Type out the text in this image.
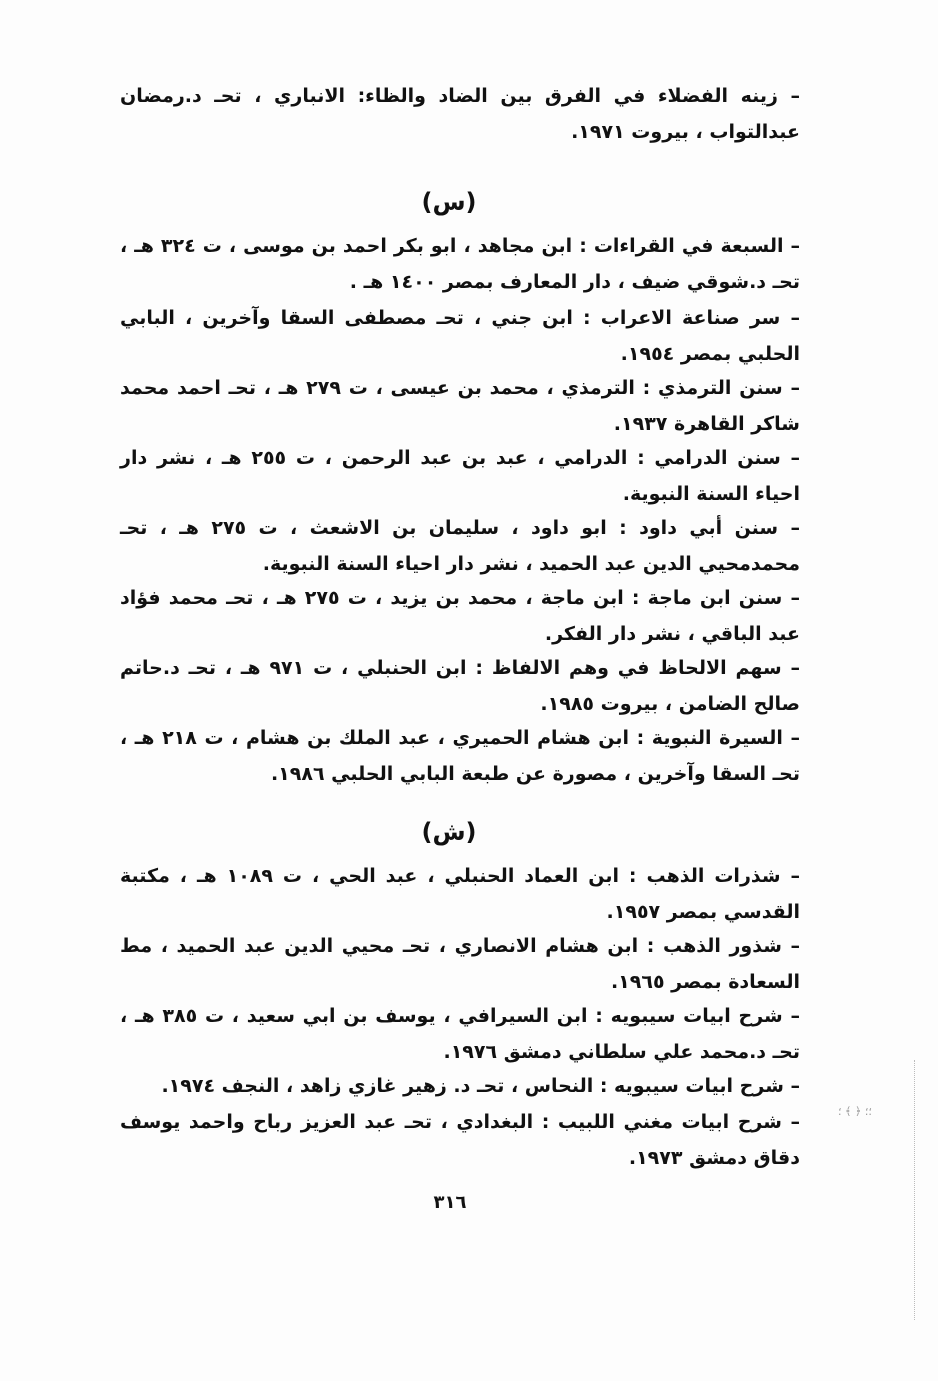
– زينه الفضلاء في الفرق بين الضاد والظاء: الانباري ، تحـ د.رمضان عبدالتواب ، بيروت ١٩٧١.
(س)
– السبعة في القراءات : ابن مجاهد ، ابو بكر احمد بن موسى ، ت ٣٢٤ هـ ، تحـ د.شوقي ضيف ، دار المعارف بمصر ١٤٠٠ هـ .
– سر صناعة الاعراب : ابن جني ، تحـ مصطفى السقا وآخرين ، البابي الحلبي بمصر ١٩٥٤.
– سنن الترمذي : الترمذي ، محمد بن عيسى ، ت ٢٧٩ هـ ، تحـ احمد محمد شاكر القاهرة ١٩٣٧.
– سنن الدرامي : الدرامي ، عبد بن عبد الرحمن ، ت ٢٥٥ هـ ، نشر دار احياء السنة النبوية.
– سنن أبي داود : ابو داود ، سليمان بن الاشعث ، ت ٢٧٥ هـ ، تحـ محمدمحيي الدين عبد الحميد ، نشر دار احياء السنة النبوية.
– سنن ابن ماجة : ابن ماجة ، محمد بن يزيد ، ت ٢٧٥ هـ ، تحـ محمد فؤاد عبد الباقي ، نشر دار الفكر.
– سهم الالحاظ في وهم الالفاظ : ابن الحنبلي ، ت ٩٧١ هـ ، تحـ د.حاتم صالح الضامن ، بيروت ١٩٨٥.
– السيرة النبوية : ابن هشام الحميري ، عبد الملك بن هشام ، ت ٢١٨ هـ ، تحـ السقا وآخرين ، مصورة عن طبعة البابي الحلبي ١٩٨٦.
(ش)
– شذرات الذهب : ابن العماد الحنبلي ، عبد الحي ، ت ١٠٨٩ هـ ، مكتبة القدسي بمصر ١٩٥٧.
– شذور الذهب : ابن هشام الانصاري ، تحـ محيي الدين عبد الحميد ، مط السعادة بمصر ١٩٦٥.
– شرح ابيات سيبويه : ابن السيرافي ، يوسف بن ابي سعيد ، ت ٣٨٥ هـ ، تحـ د.محمد علي سلطاني دمشق ١٩٧٦.
– شرح ابيات سيبويه : النحاس ، تحـ د. زهير غازي زاهد ، النجف ١٩٧٤.
– شرح ابيات مغني اللبيب : البغدادي ، تحـ عبد العزيز رباح واحمد يوسف دقاق دمشق ١٩٧٣.
٣١٦
؛؛ ﴿ ﴾ ؛
